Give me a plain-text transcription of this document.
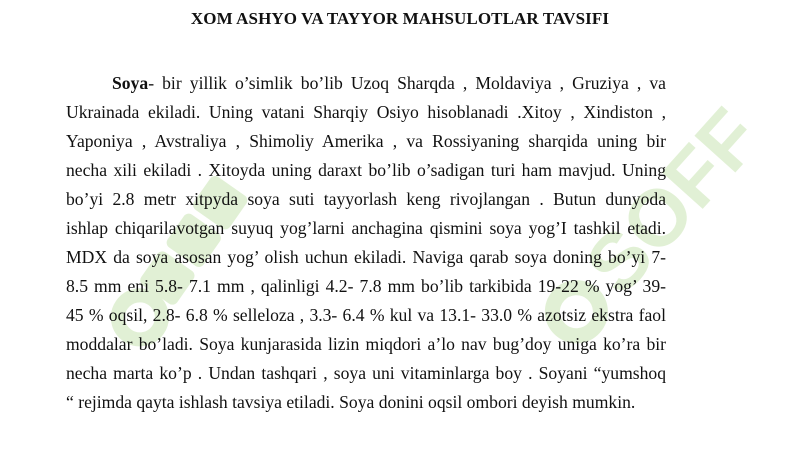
SOFF
XOM ASHYO VA TAYYOR MAHSULOTLAR TAVSIFI
Soya- bir yillik o’simlik bo’lib Uzoq Sharqda , Moldaviya , Gruziya , va
Ukrainada ekiladi. Uning vatani Sharqiy Osiyo hisoblanadi .Xitoy , Xindiston ,
Yaponiya , Avstraliya , Shimoliy Amerika , va Rossiyaning sharqida uning bir
necha xili ekiladi . Xitoyda uning daraxt bo’lib o’sadigan turi ham mavjud. Uning
bo’yi 2.8 metr xitpyda soya suti tayyorlash keng rivojlangan . Butun dunyoda
ishlap chiqarilavotgan suyuq yog’larni anchagina qismini soya yog’I tashkil etadi.
MDX da soya asosan yog’ olish uchun ekiladi. Naviga qarab soya doning bo’yi 7-
8.5 mm eni 5.8- 7.1 mm , qalinligi 4.2- 7.8 mm bo’lib tarkibida 19-22 % yog’ 39-
45 % oqsil, 2.8- 6.8 % selleloza , 3.3- 6.4 % kul va 13.1- 33.0 % azotsiz ekstra faol
moddalar bo’ladi. Soya kunjarasida lizin miqdori a’lo nav bug’doy uniga ko’ra bir
necha marta ko’p . Undan tashqari , soya uni vitaminlarga boy . Soyani “yumshoq
“ rejimda qayta ishlash tavsiya etiladi. Soya donini oqsil ombori deyish mumkin.
